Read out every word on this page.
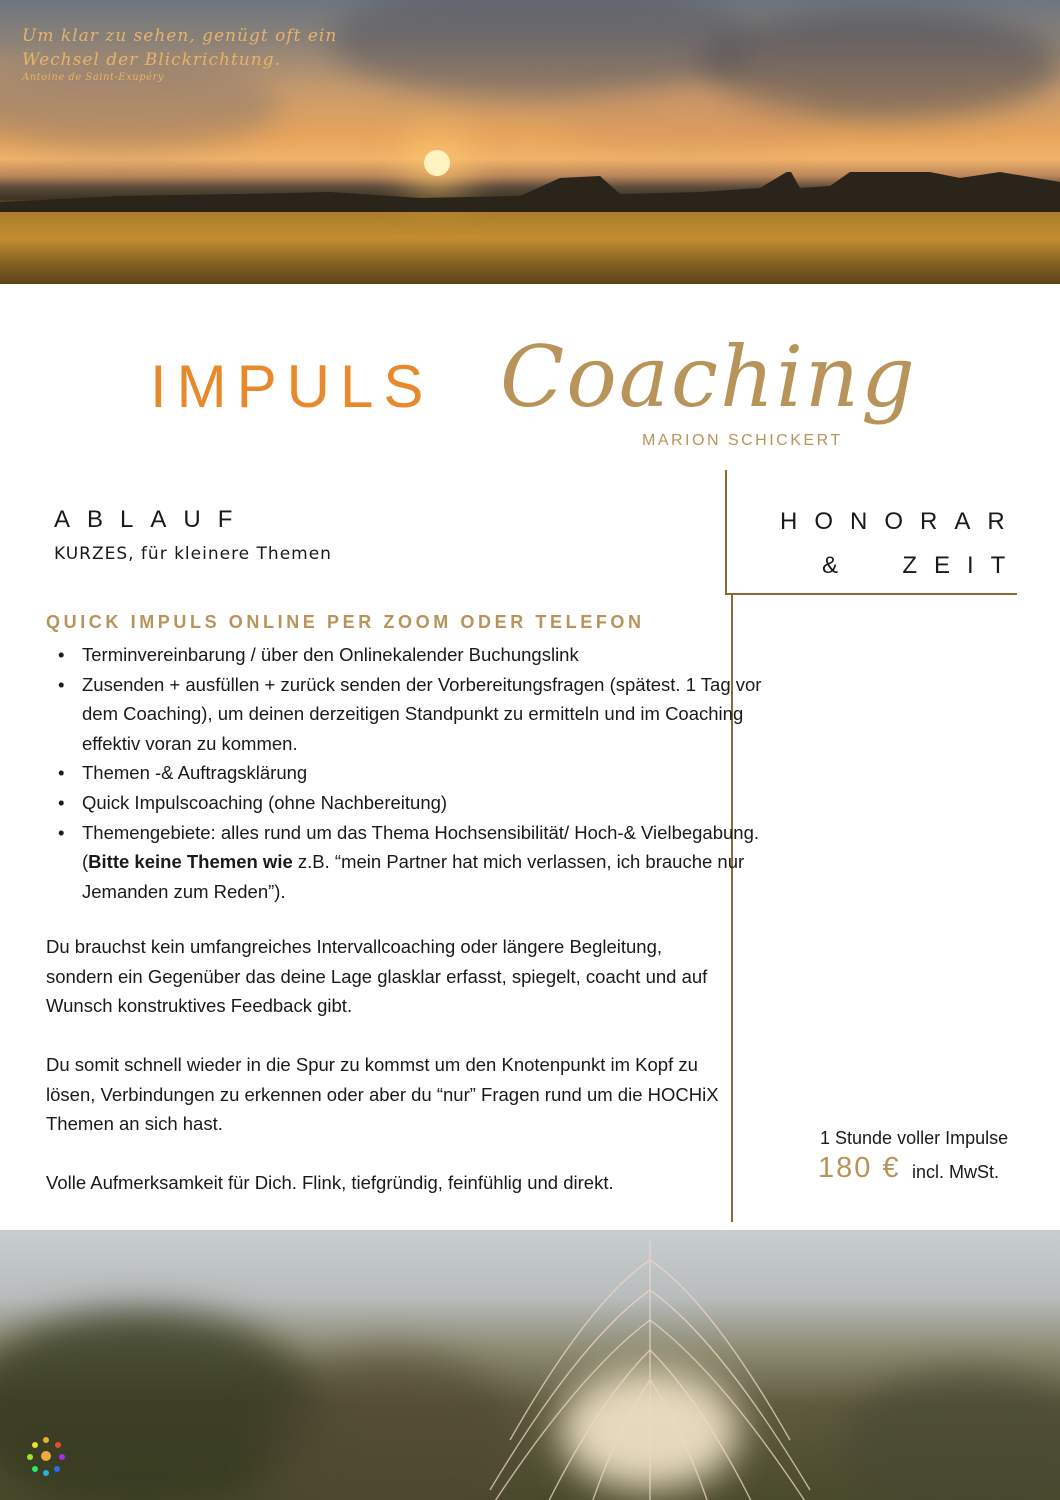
Um klar zu sehen, genügt oft ein
Wechsel der Blickrichtung.
Antoine de Saint-Exupéry
IMPULS Coaching
MARION SCHICKERT
ABLAUF
KURZES, für kleinere Themen
HONORAR
&  ZEIT
QUICK IMPULS ONLINE PER ZOOM ODER TELEFON
• Terminvereinbarung / über den Onlinekalender Buchungslink
• Zusenden + ausfüllen + zurück senden der Vorbereitungsfragen (spätest. 1 Tag vor dem Coaching), um deinen derzeitigen Standpunkt zu ermitteln und im Coaching effektiv voran zu kommen.
• Themen -& Auftragsklärung
• Quick Impulscoaching (ohne Nachbereitung)
• Themengebiete: alles rund um das Thema Hochsensibilität/ Hoch-& Vielbegabung. (Bitte keine Themen wie z.B. “mein Partner hat mich verlassen, ich brauche nur Jemanden zum Reden”).

Du brauchst kein umfangreiches Intervallcoaching oder längere Begleitung, sondern ein Gegenüber das deine Lage glasklar erfasst, spiegelt, coacht und auf Wunsch konstruktives Feedback gibt.

Du somit schnell wieder in die Spur zu kommst um den Knotenpunkt im Kopf zu lösen, Verbindungen zu erkennen oder aber du “nur” Fragen rund um die HOCHiX Themen an sich hast.

Volle Aufmerksamkeit für Dich. Flink, tiefgründig, feinfühlig und direkt.

1 Stunde voller Impulse
180 € incl. MwSt.
